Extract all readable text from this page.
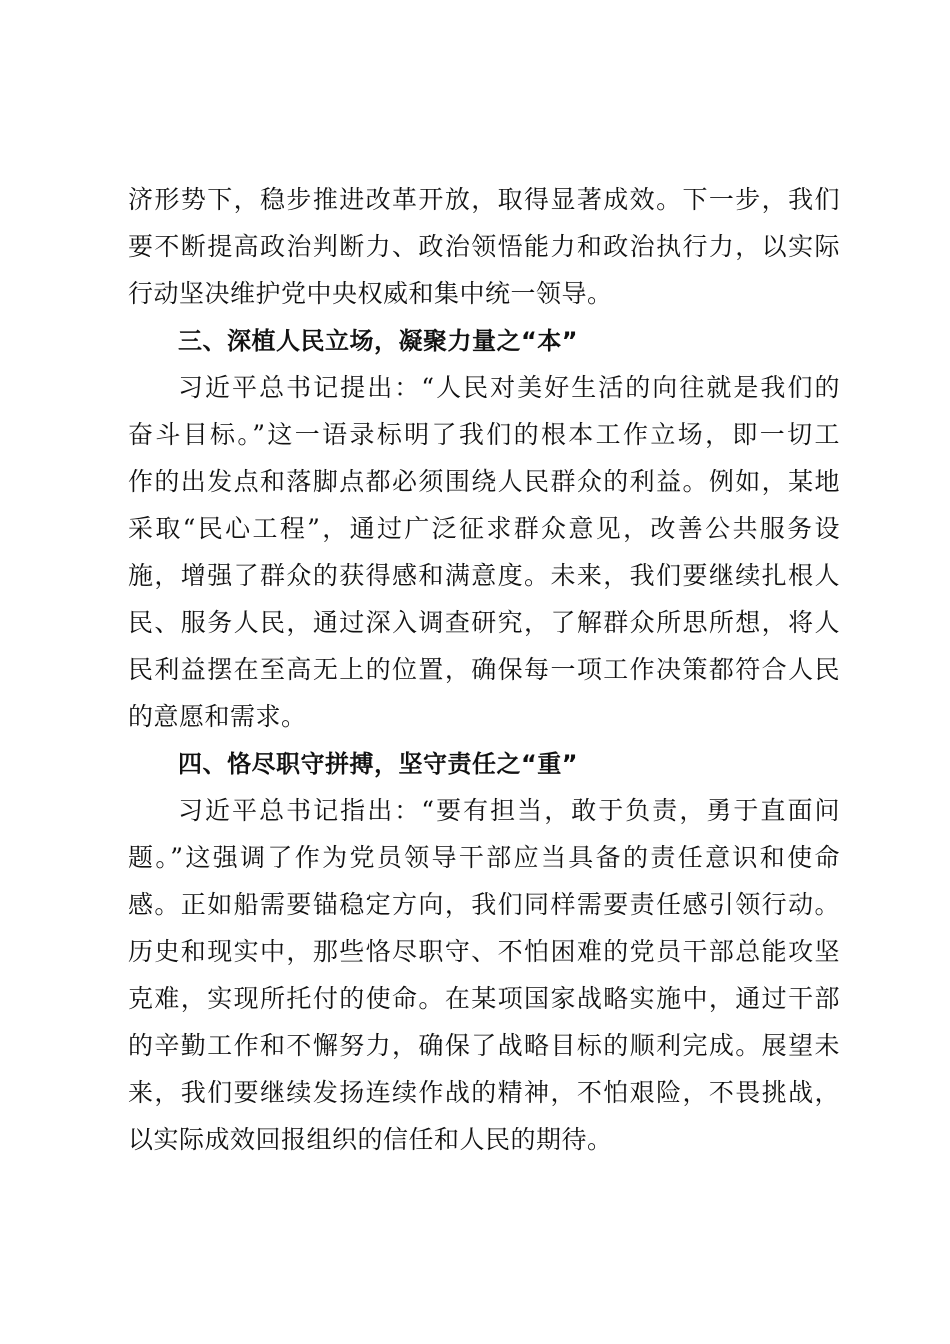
济形势下，稳步推进改革开放，取得显著成效。下一步，我们
要不断提高政治判断力、政治领悟能力和政治执行力，以实际
行动坚决维护党中央权威和集中统一领导。
三、深植人民立场，凝聚力量之“本”
习近平总书记提出：“人民对美好生活的向往就是我们的
奋斗目标。”这一语录标明了我们的根本工作立场，即一切工
作的出发点和落脚点都必须围绕人民群众的利益。例如，某地
采取“民心工程”，通过广泛征求群众意见，改善公共服务设
施，增强了群众的获得感和满意度。未来，我们要继续扎根人
民、服务人民，通过深入调查研究，了解群众所思所想，将人
民利益摆在至高无上的位置，确保每一项工作决策都符合人民
的意愿和需求。
四、恪尽职守拼搏，坚守责任之“重”
习近平总书记指出：“要有担当，敢于负责，勇于直面问
题。”这强调了作为党员领导干部应当具备的责任意识和使命
感。正如船需要锚稳定方向，我们同样需要责任感引领行动。
历史和现实中，那些恪尽职守、不怕困难的党员干部总能攻坚
克难，实现所托付的使命。在某项国家战略实施中，通过干部
的辛勤工作和不懈努力，确保了战略目标的顺利完成。展望未
来，我们要继续发扬连续作战的精神，不怕艰险，不畏挑战，
以实际成效回报组织的信任和人民的期待。
